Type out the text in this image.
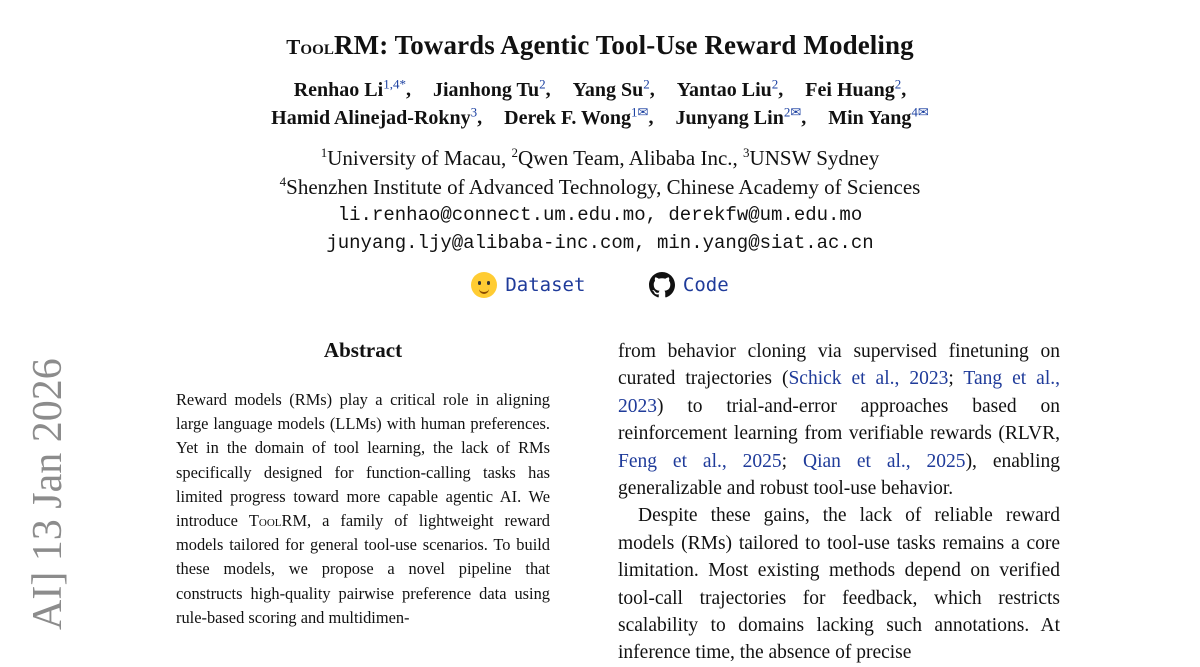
ToolRM: Towards Agentic Tool-Use Reward Modeling
Renhao $Li^{1,4*}$, Jianhong Tu$^2$, Yang Su$^2$, Yantao Liu$^2$, Fei Huang$^2$,
Hamid Alinejad-Rokny$^3$, Derek F. Wong$^{1✉}$, Junyang Lin$^{2✉}$, Min Yang$^{4✉}$
$^1$University of Macau, $^2$Qwen Team, Alibaba Inc., $^3$UNSW Sydney
$^4$Shenzhen Institute of Advanced Technology, Chinese Academy of Sciences
li.renhao@connect.um.edu.mo, derekfw@um.edu.mo
junyang.ljy@alibaba-inc.com, min.yang@siat.ac.cn
Dataset
	Code
Abstract

Reward models (RMs) play a critical role in aligning large language models (LLMs) with human preferences. Yet in the domain of tool learning, the lack of RMs specifically designed for function-calling tasks has limited progress toward more capable agentic AI. We introduce ToolRM, a family of lightweight reward models tailored for general tool-use scenarios. To build these models, we propose a novel pipeline that constructs high-quality pairwise preference data using rule-based scoring and multidimen-

from behavior cloning via supervised finetuning on curated trajectories (Schick et al., 2023; Tang et al., 2023) to trial-and-error approaches based on reinforcement learning from verifiable rewards (RLVR, Feng et al., 2025; Qian et al., 2025), enabling generalizable and robust tool-use behavior.

Despite these gains, the lack of reliable reward models (RMs) tailored to tool-use tasks remains a core limitation. Most existing methods depend on verified tool-call trajectories for feedback, which restricts scalability to domains lacking such annotations. At inference time, the absence of precise

AI] 13 Jan 2026
